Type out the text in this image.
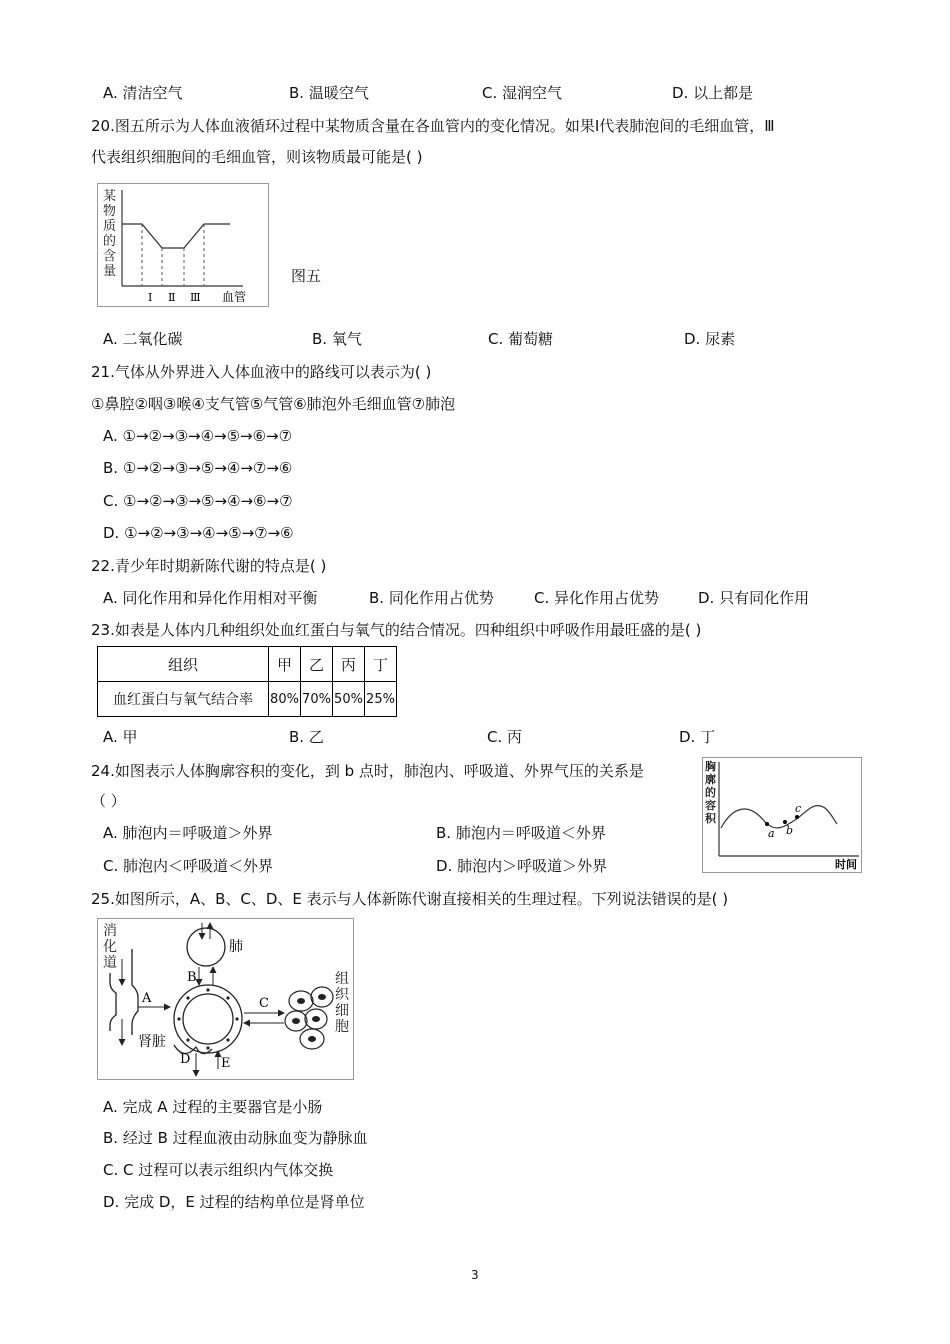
A. 清洁空气	B. 温暖空气	C. 湿润空气	D. 以上都是
20.图五所示为人体血液循环过程中某物质含量在各血管内的变化情况。如果Ⅰ代表肺泡间的毛细血管，Ⅲ
代表组织细胞间的毛细血管，则该物质最可能是( )
某物质 的含量
Ⅰ Ⅱ Ⅲ 血管
图五
A. 二氧化碳	B. 氧气	C. 葡萄糖	D. 尿素
21.气体从外界进入人体血液中的路线可以表示为( )
①鼻腔②咽③喉④支气管⑤气管⑥肺泡外毛细血管⑦肺泡
A. ①→②→③→④→⑤→⑥→⑦
B. ①→②→③→⑤→④→⑦→⑥
C. ①→②→③→⑤→④→⑥→⑦
D. ①→②→③→④→⑤→⑦→⑥
22.青少年时期新陈代谢的特点是( )
A. 同化作用和异化作用相对平衡	B. 同化作用占优势	C. 异化作用占优势	D. 只有同化作用
23.如表是人体内几种组织处血红蛋白与氧气的结合情况。四种组织中呼吸作用最旺盛的是( )
组织	甲	乙	丙	丁
血红蛋白与氧气结合率	80%	70%	50%	25%
A. 甲	B. 乙	C. 丙	D. 丁
24.如图表示人体胸廓容积的变化，到 b 点时，肺泡内、呼吸道、外界气压的关系是
（ ）
A. 肺泡内＝呼吸道＞外界	B. 肺泡内＝呼吸道＜外界
C. 肺泡内＜呼吸道＜外界	D. 肺泡内＞呼吸道＞外界
胸廓的 容积
a b
c
时间
25.如图所示，A、B、C、D、E 表示与人体新陈代谢直接相关的生理过程。下列说法错误的是( )
消化道
A
肺
B
C
组织细胞
肾脏
D E
A. 完成 A 过程的主要器官是小肠
B. 经过 B 过程血液由动脉血变为静脉血
C. C 过程可以表示组织内气体交换
D. 完成 D，E 过程的结构单位是肾单位
3
